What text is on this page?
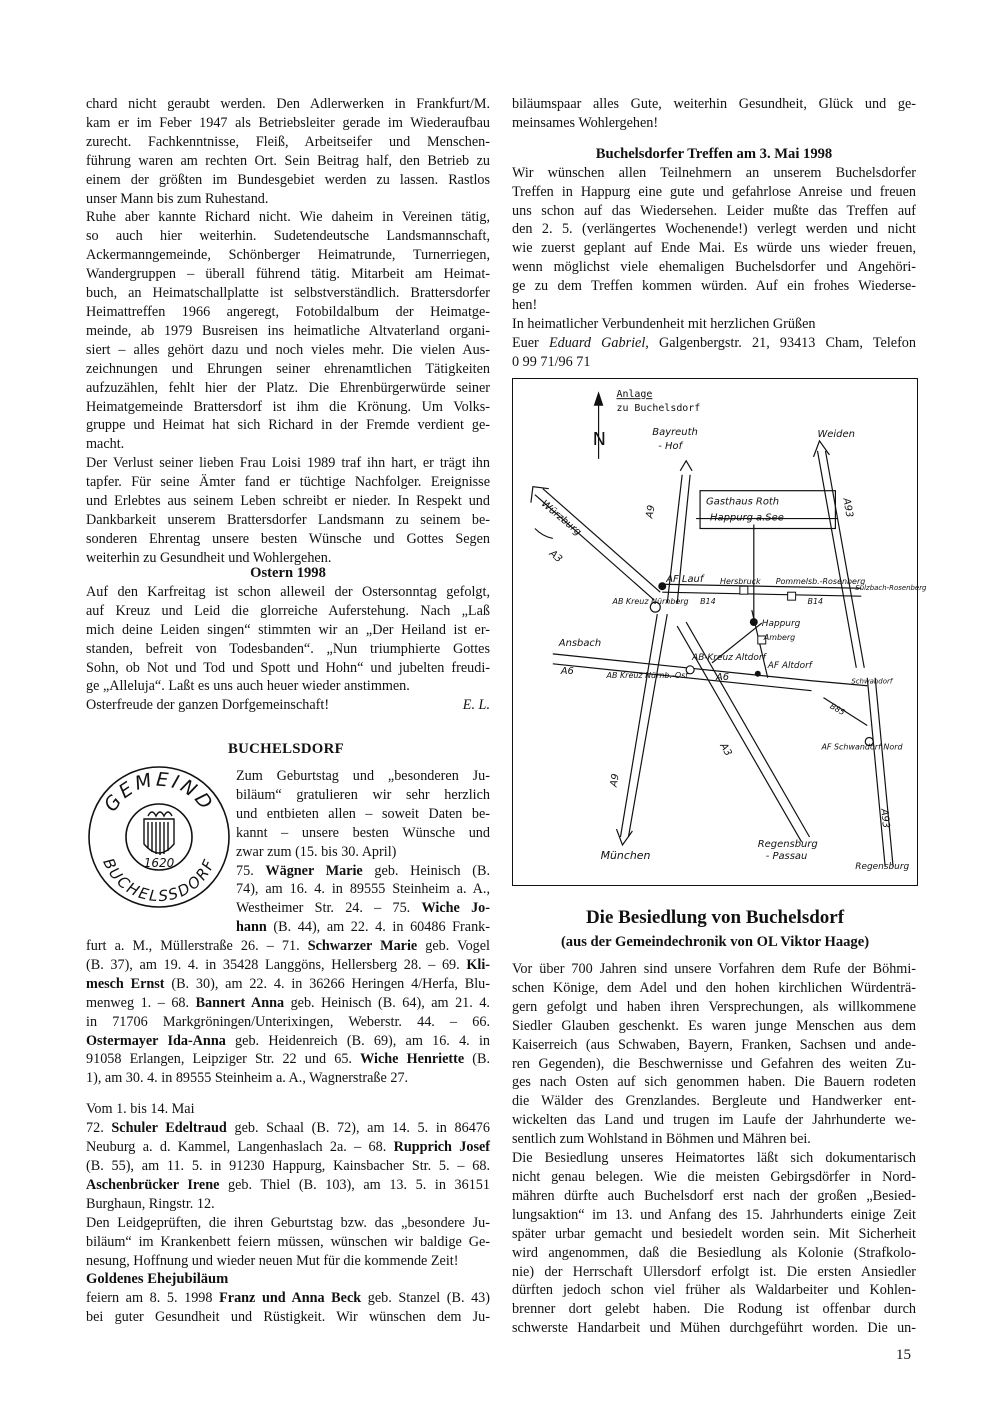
chard nicht geraubt werden. Den Adlerwerken in Frankfurt/M.

kam er im Feber 1947 als Betriebsleiter gerade im Wiederaufbau

zurecht. Fachkenntnisse, Fleiß, Arbeitseifer und Menschen-

führung waren am rechten Ort. Sein Beitrag half, den Betrieb zu

einem der größten im Bundesgebiet werden zu lassen. Rastlos

unser Mann bis zum Ruhestand.

Ruhe aber kannte Richard nicht. Wie daheim in Vereinen tätig,

so auch hier weiterhin. Sudetendeutsche Landsmannschaft,

Ackermanngemeinde, Schönberger Heimatrunde, Turnerriegen,

Wandergruppen – überall führend tätig. Mitarbeit am Heimat-

buch, an Heimatschallplatte ist selbstverständlich. Brattersdorfer

Heimattreffen 1966 angeregt, Fotobildalbum der Heimatge-

meinde, ab 1979 Busreisen ins heimatliche Altvaterland organi-

siert – alles gehört dazu und noch vieles mehr. Die vielen Aus-

zeichnungen und Ehrungen seiner ehrenamtlichen Tätigkeiten

aufzuzählen, fehlt hier der Platz. Die Ehrenbürgerwürde seiner

Heimatgemeinde Brattersdorf ist ihm die Krönung. Um Volks-

gruppe und Heimat hat sich Richard in der Fremde verdient ge-

macht.

Der Verlust seiner lieben Frau Loisi 1989 traf ihn hart, er trägt ihn

tapfer. Für seine Ämter fand er tüchtige Nachfolger. Ereignisse

und Erlebtes aus seinem Leben schreibt er nieder. In Respekt und

Dankbarkeit unserem Brattersdorfer Landsmann zu seinem be-

sonderen Ehrentag unsere besten Wünsche und Gottes Segen

weiterhin zu Gesundheit und Wohlergehen.

Ostern 1998

Auf den Karfreitag ist schon alleweil der Ostersonntag gefolgt,

auf Kreuz und Leid die glorreiche Auferstehung. Nach „Laß

mich deine Leiden singen“ stimmten wir an „Der Heiland ist er-

standen, befreit von Todesbanden“. „Nun triumphierte Gottes

Sohn, ob Not und Tod und Spott und Hohn“ und jubelten freudi-

ge „Alleluja“. Laßt es uns auch heuer wieder anstimmen.

Osterfreude der ganzen Dorfgemeinschaft!	E. L.
BUCHELSDORF
GEMEIND
BUCHELSSDORF
1620

Zum Geburtstag und „besonderen Ju-

biläum“ gratulieren wir sehr herzlich

und entbieten allen – soweit Daten be-

kannt – unsere besten Wünsche und

zwar zum (15. bis 30. April)

75. Wägner Marie geb. Heinisch (B.

74), am 16. 4. in 89555 Steinheim a. A.,

Westheimer Str. 24. – 75. Wiche Jo-

hann (B. 44), am 22. 4. in 60486 Frank-

furt a. M., Müllerstraße 26. – 71. Schwarzer Marie geb. Vogel

(B. 37), am 19. 4. in 35428 Langgöns, Hellersberg 28. – 69. Kli-

mesch Ernst (B. 30), am 22. 4. in 36266 Heringen 4/Herfa, Blu-

menweg 1. – 68. Bannert Anna geb. Heinisch (B. 64), am 21. 4.

in 71706 Markgröningen/Unterixingen, Weberstr. 44. – 66.

Ostermayer Ida-Anna geb. Heidenreich (B. 69), am 16. 4. in

91058 Erlangen, Leipziger Str. 22 und 65. Wiche Henriette (B.

1), am 30. 4. in 89555 Steinheim a. A., Wagnerstraße 27.

Vom 1. bis 14. Mai

72. Schuler Edeltraud geb. Schaal (B. 72), am 14. 5. in 86476

Neuburg a. d. Kammel, Langenhaslach 2a. – 68. Rupprich Josef

(B. 55), am 11. 5. in 91230 Happurg, Kainsbacher Str. 5. – 68.

Aschenbrücker Irene geb. Thiel (B. 103), am 13. 5. in 36151

Burghaun, Ringstr. 12.

Den Leidgeprüften, die ihren Geburtstag bzw. das „besondere Ju-

biläum“ im Krankenbett feiern müssen, wünschen wir baldige Ge-

nesung, Hoffnung und wieder neuen Mut für die kommende Zeit!

Goldenes Ehejubiläum

feiern am 8. 5. 1998 Franz und Anna Beck geb. Stanzel (B. 43)

bei guter Gesundheit und Rüstigkeit. Wir wünschen dem Ju-

biläumspaar alles Gute, weiterhin Gesundheit, Glück und ge-

meinsames Wohlergehen!

Buchelsdorfer Treffen am 3. Mai 1998

Wir wünschen allen Teilnehmern an unserem Buchelsdorfer

Treffen in Happurg eine gute und gefahrlose Anreise und freuen

uns schon auf das Wiedersehen. Leider mußte das Treffen auf

den 2. 5. (verlängertes Wochenende!) verlegt werden und nicht

wie zuerst geplant auf Ende Mai. Es würde uns wieder freuen,

wenn möglichst viele ehemaligen Buchelsdorfer und Angehöri-

ge zu dem Treffen kommen würden. Auf ein frohes Wiederse-

hen!

In heimatlicher Verbundenheit mit herzlichen Grüßen

Euer Eduard Gabriel, Galgenbergstr. 21, 93413 Cham, Telefon

0 99 71/96 71

Anlage
zu Buchelsdorf
N	Bayreuth
- Hof
Weiden
Gasthaus Roth
Happurg a.See
Würzburg
A3
A9	A93
AF Lauf Hersbruck Pommelsb.-Rosenberg
B14	B14
Sulzbach-Rosenberg
Happurg
Amberg
AB Kreuz Nürnberg
Ansbach
A6
A6
AB-Kreuz Altdorf
AF Altdorf
AB Kreuz Nürnb.-Ost
Schwandorf
B85
AF Schwandorf Nord
A3
A9
A93
München
Regensburg
- Passau
Regensburg
Die Besiedlung von Buchelsdorf
(aus der Gemeindechronik von OL Viktor Haage)

Vor über 700 Jahren sind unsere Vorfahren dem Rufe der Böhmi-

schen Könige, dem Adel und den hohen kirchlichen Würdenträ-

gern gefolgt und haben ihren Versprechungen, als willkommene

Siedler Glauben geschenkt. Es waren junge Menschen aus dem

Kaiserreich (aus Schwaben, Bayern, Franken, Sachsen und ande-

ren Gegenden), die Beschwernisse und Gefahren des weiten Zu-

ges nach Osten auf sich genommen haben. Die Bauern rodeten

die Wälder des Grenzlandes. Bergleute und Handwerker ent-

wickelten das Land und trugen im Laufe der Jahrhunderte we-

sentlich zum Wohlstand in Böhmen und Mähren bei.

Die Besiedlung unseres Heimatortes läßt sich dokumentarisch

nicht genau belegen. Wie die meisten Gebirgsdörfer in Nord-

mähren dürfte auch Buchelsdorf erst nach der großen „Besied-

lungsaktion“ im 13. und Anfang des 15. Jahrhunderts einige Zeit

später urbar gemacht und besiedelt worden sein. Mit Sicherheit

wird angenommen, daß die Besiedlung als Kolonie (Strafkolo-

nie) der Herrschaft Ullersdorf erfolgt ist. Die ersten Ansiedler

dürften jedoch schon viel früher als Waldarbeiter und Kohlen-

brenner dort gelebt haben. Die Rodung ist offenbar durch

schwerste Handarbeit und Mühen durchgeführt worden. Die un-

15
